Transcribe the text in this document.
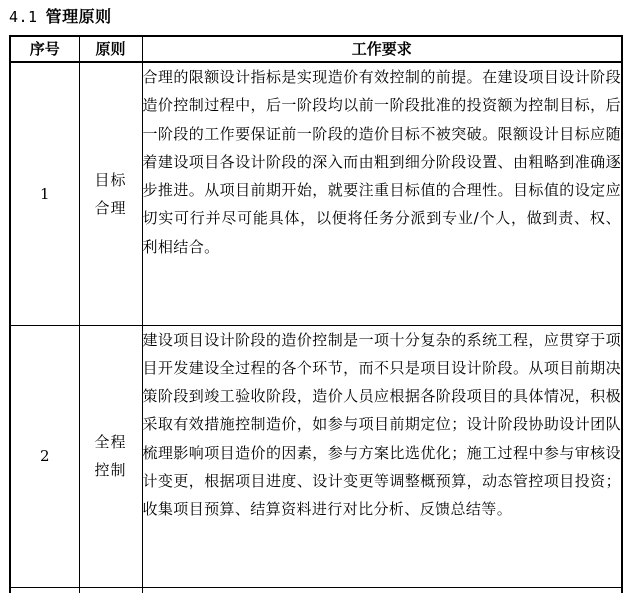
4.1 管理原则
序号	原则	工作要求
1	目标合理	合理的限额设计指标是实现造价有效控制的前提。在建设项目设计阶段造价控制过程中，后一阶段均以前一阶段批准的投资额为控制目标，后一阶段的工作要保证前一阶段的造价目标不被突破。限额设计目标应随着建设项目各设计阶段的深入而由粗到细分阶段设置、由粗略到准确逐步推进。从项目前期开始，就要注重目标值的合理性。目标值的设定应切实可行并尽可能具体，以便将任务分派到专业/个人，做到责、权、利相结合。
2	全程控制	建设项目设计阶段的造价控制是一项十分复杂的系统工程，应贯穿于项目开发建设全过程的各个环节，而不只是项目设计阶段。从项目前期决策阶段到竣工验收阶段，造价人员应根据各阶段项目的具体情况，积极采取有效措施控制造价，如参与项目前期定位；设计阶段协助设计团队梳理影响项目造价的因素，参与方案比选优化；施工过程中参与审核设计变更，根据项目进度、设计变更等调整概预算，动态管控项目投资；收集项目预算、结算资料进行对比分析、反馈总结等。
